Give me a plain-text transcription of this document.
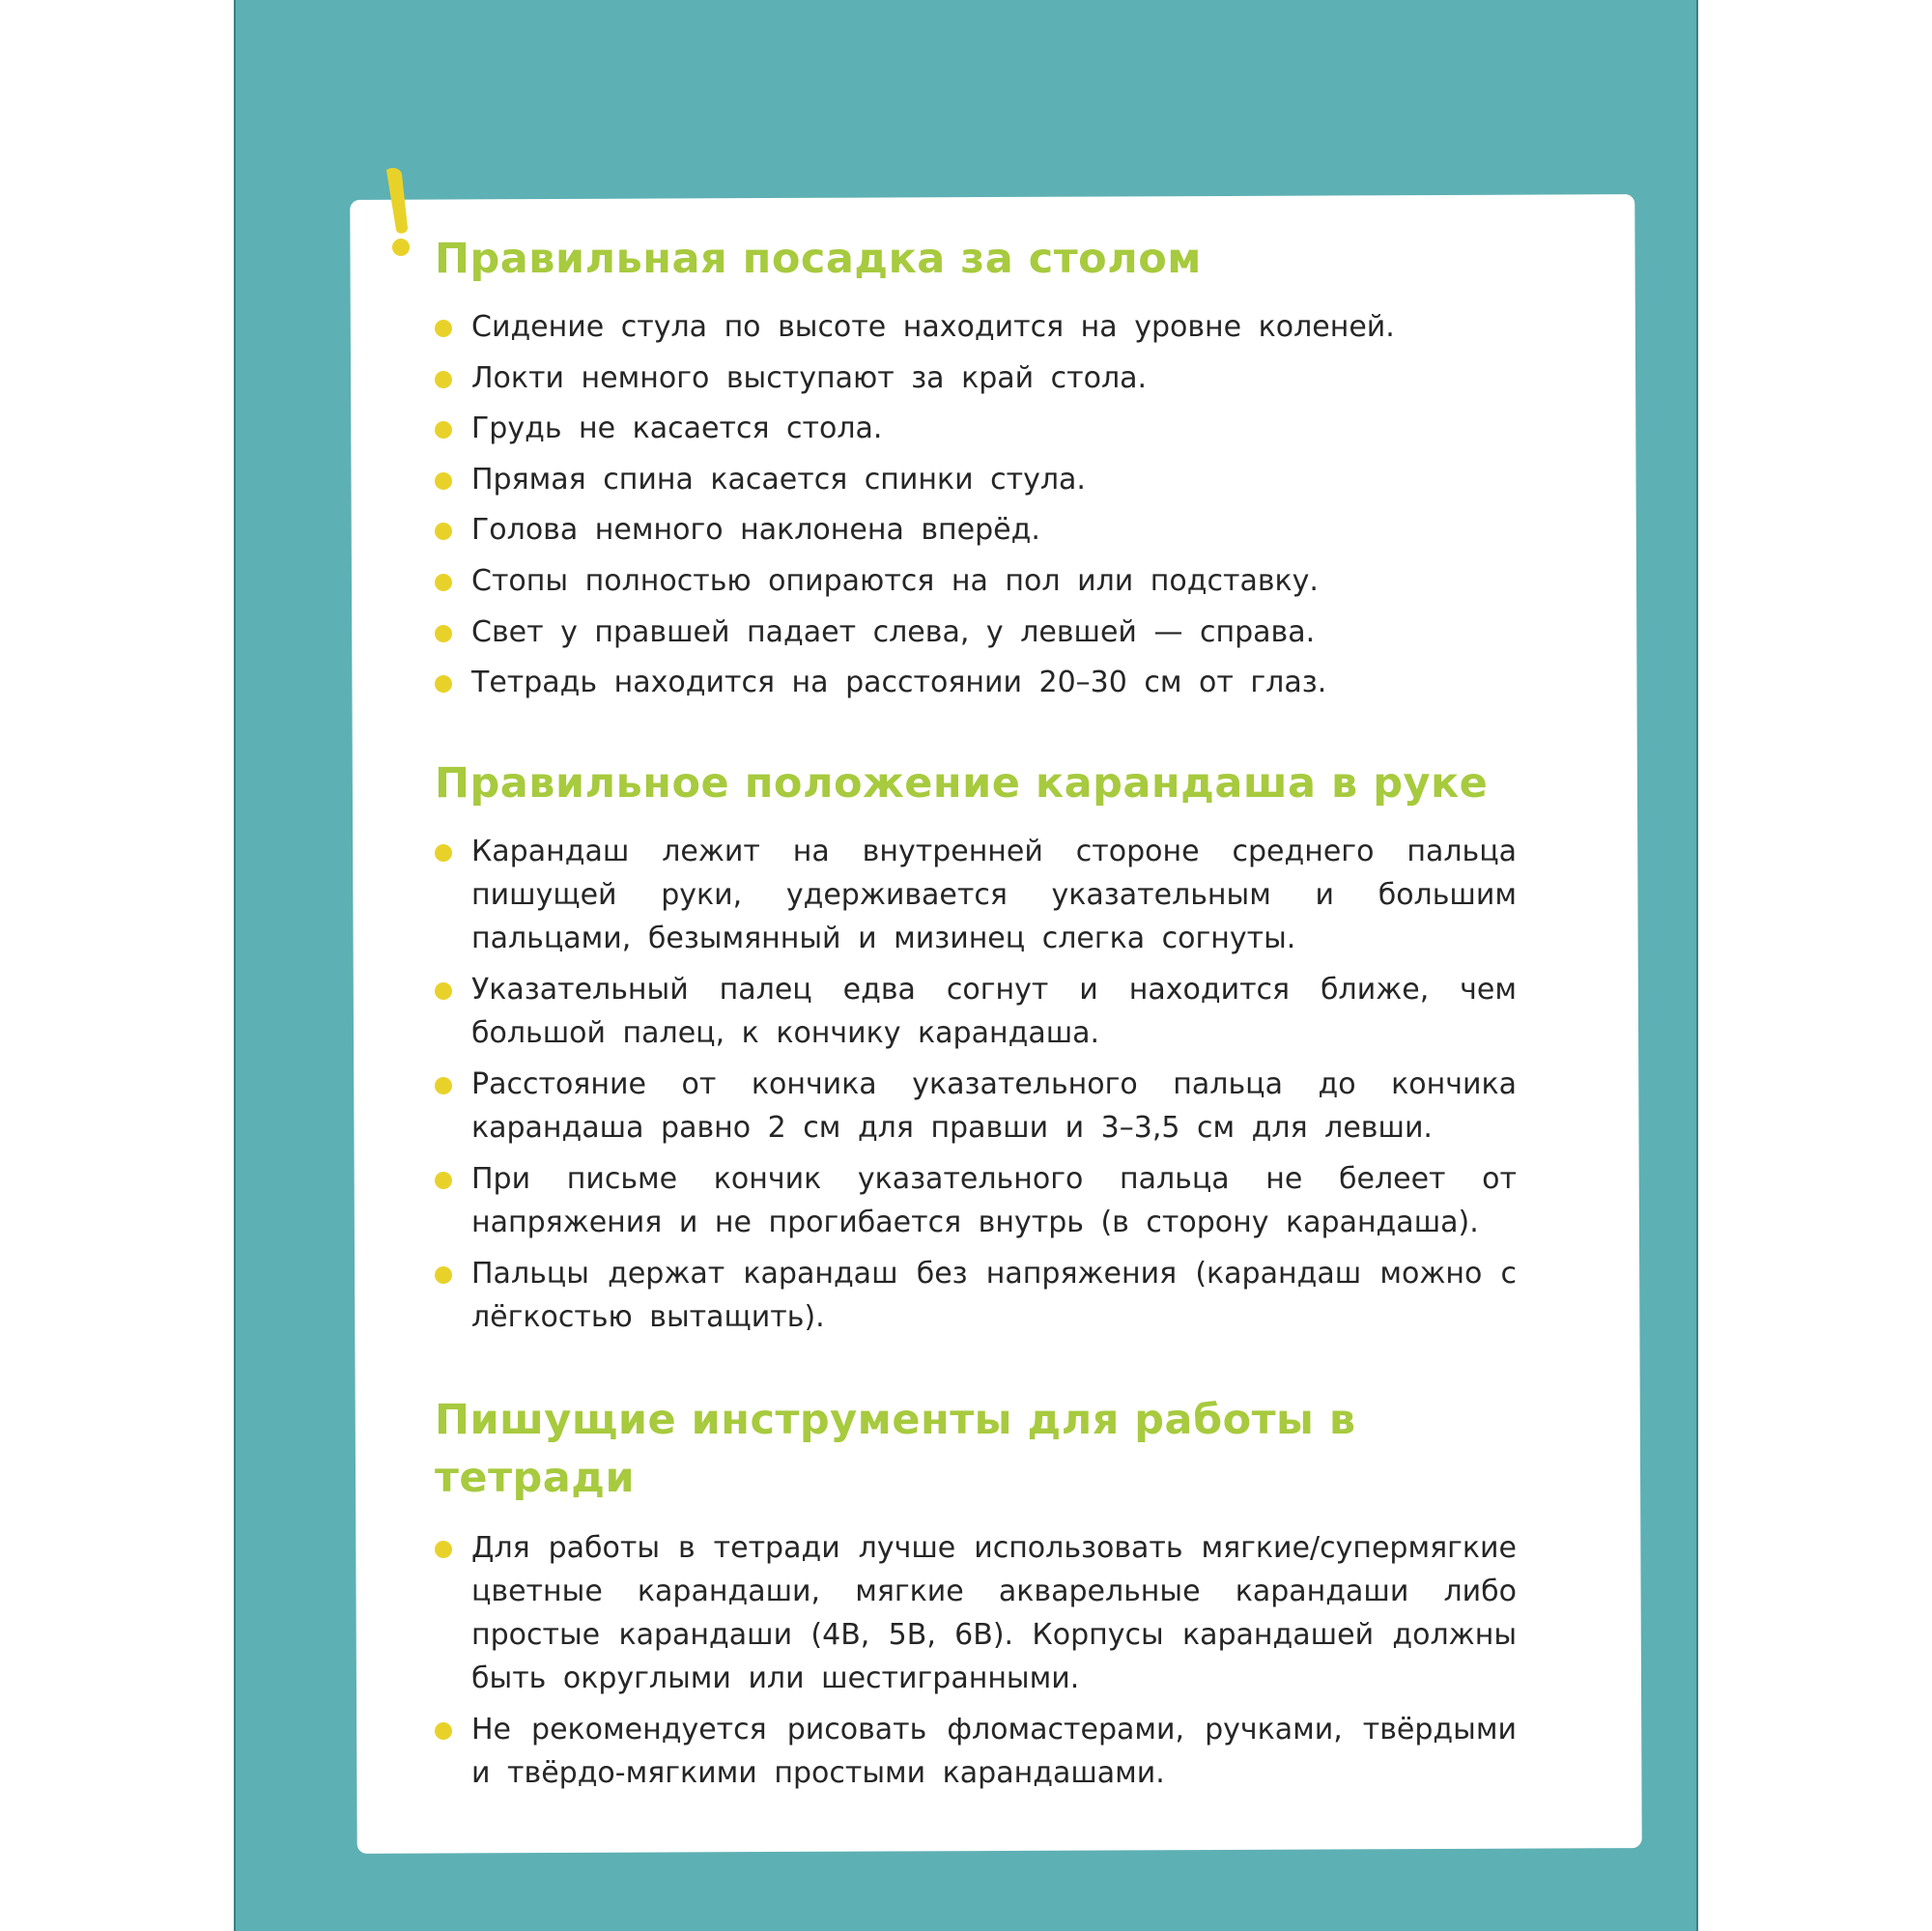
Правильная посадка за столом
Сидение стула по высоте находится на уровне коленей.
Локти немного выступают за край стола.
Грудь не касается стола.
Прямая спина касается спинки стула.
Голова немного наклонена вперёд.
Стопы полностью опираются на пол или подставку.
Свет у правшей падает слева, у левшей — справа.
Тетрадь находится на расстоянии 20–30 см от глаз.
Правильное положение карандаша в руке
Карандаш лежит на внутренней стороне среднего пальца пишущей руки, удерживается указательным и большим пальцами, безымянный и мизинец слегка согнуты.
Указательный палец едва согнут и находится ближе, чем большой палец, к кончику карандаша.
Расстояние от кончика указательного пальца до кончика карандаша равно 2 см для правши и 3–3,5 см для левши.
При письме кончик указательного пальца не белеет от напряжения и не прогибается внутрь (в сторону карандаша).
Пальцы держат карандаш без напряжения (карандаш можно с лёгкостью вытащить).
Пишущие инструменты для работы в тетради
Для работы в тетради лучше использовать мягкие/супермягкие цветные карандаши, мягкие акварельные карандаши либо простые карандаши (4B, 5B, 6B). Корпусы карандашей должны быть округлыми или шестигранными.
Не рекомендуется рисовать фломастерами, ручками, твёрдыми и твёрдо-мягкими простыми карандашами.
